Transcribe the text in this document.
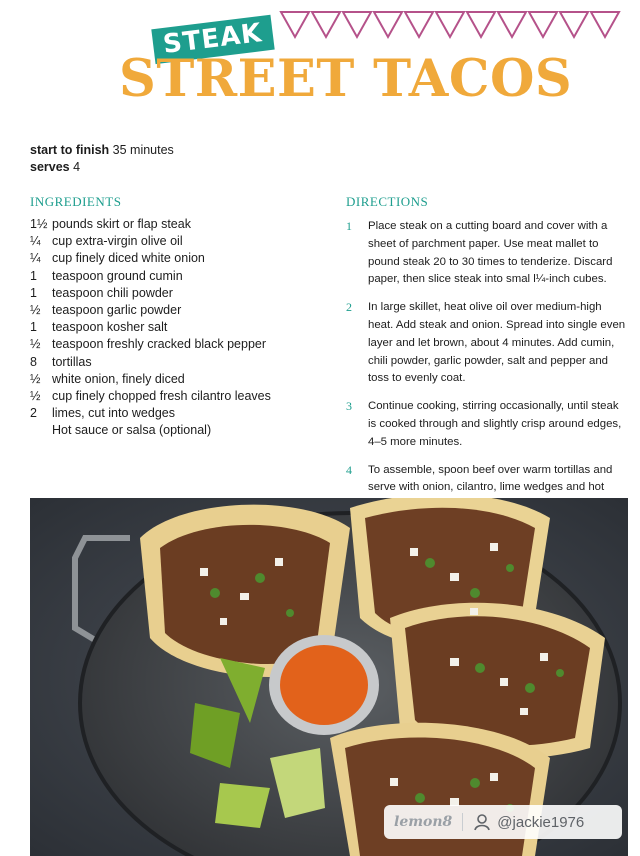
STEAK
STREET TACOS
start to finish 35 minutes
serves 4
INGREDIENTS	DIRECTIONS
1½ pounds skirt or flap steak
¼ cup extra-virgin olive oil
¼ cup finely diced white onion
1	teaspoon ground cumin
1	teaspoon chili powder
½ teaspoon garlic powder
1	teaspoon kosher salt
½ teaspoon freshly cracked black pepper
8	tortillas
½ white onion, finely diced
½ cup finely chopped fresh cilantro leaves
2	limes, cut into wedges
Hot sauce or salsa (optional)
1	Place steak on a cutting board and cover with a sheet of parchment paper. Use meat mallet to pound steak 20 to 30 times to tenderize. Discard paper, then slice steak into smal l¼-inch cubes.
2	In large skillet, heat olive oil over medium-high heat. Add steak and onion. Spread into single even layer and let brown, about 4 minutes. Add cumin, chili powder, garlic powder, salt and pepper and toss to evenly coat.
3	Continue cooking, stirring occasionally, until steak is cooked through and slightly crisp around edges, 4–5 more minutes.
4	To assemble, spoon beef over warm tortillas and serve with onion, cilantro, lime wedges and hot
lemon8	@jackie1976
